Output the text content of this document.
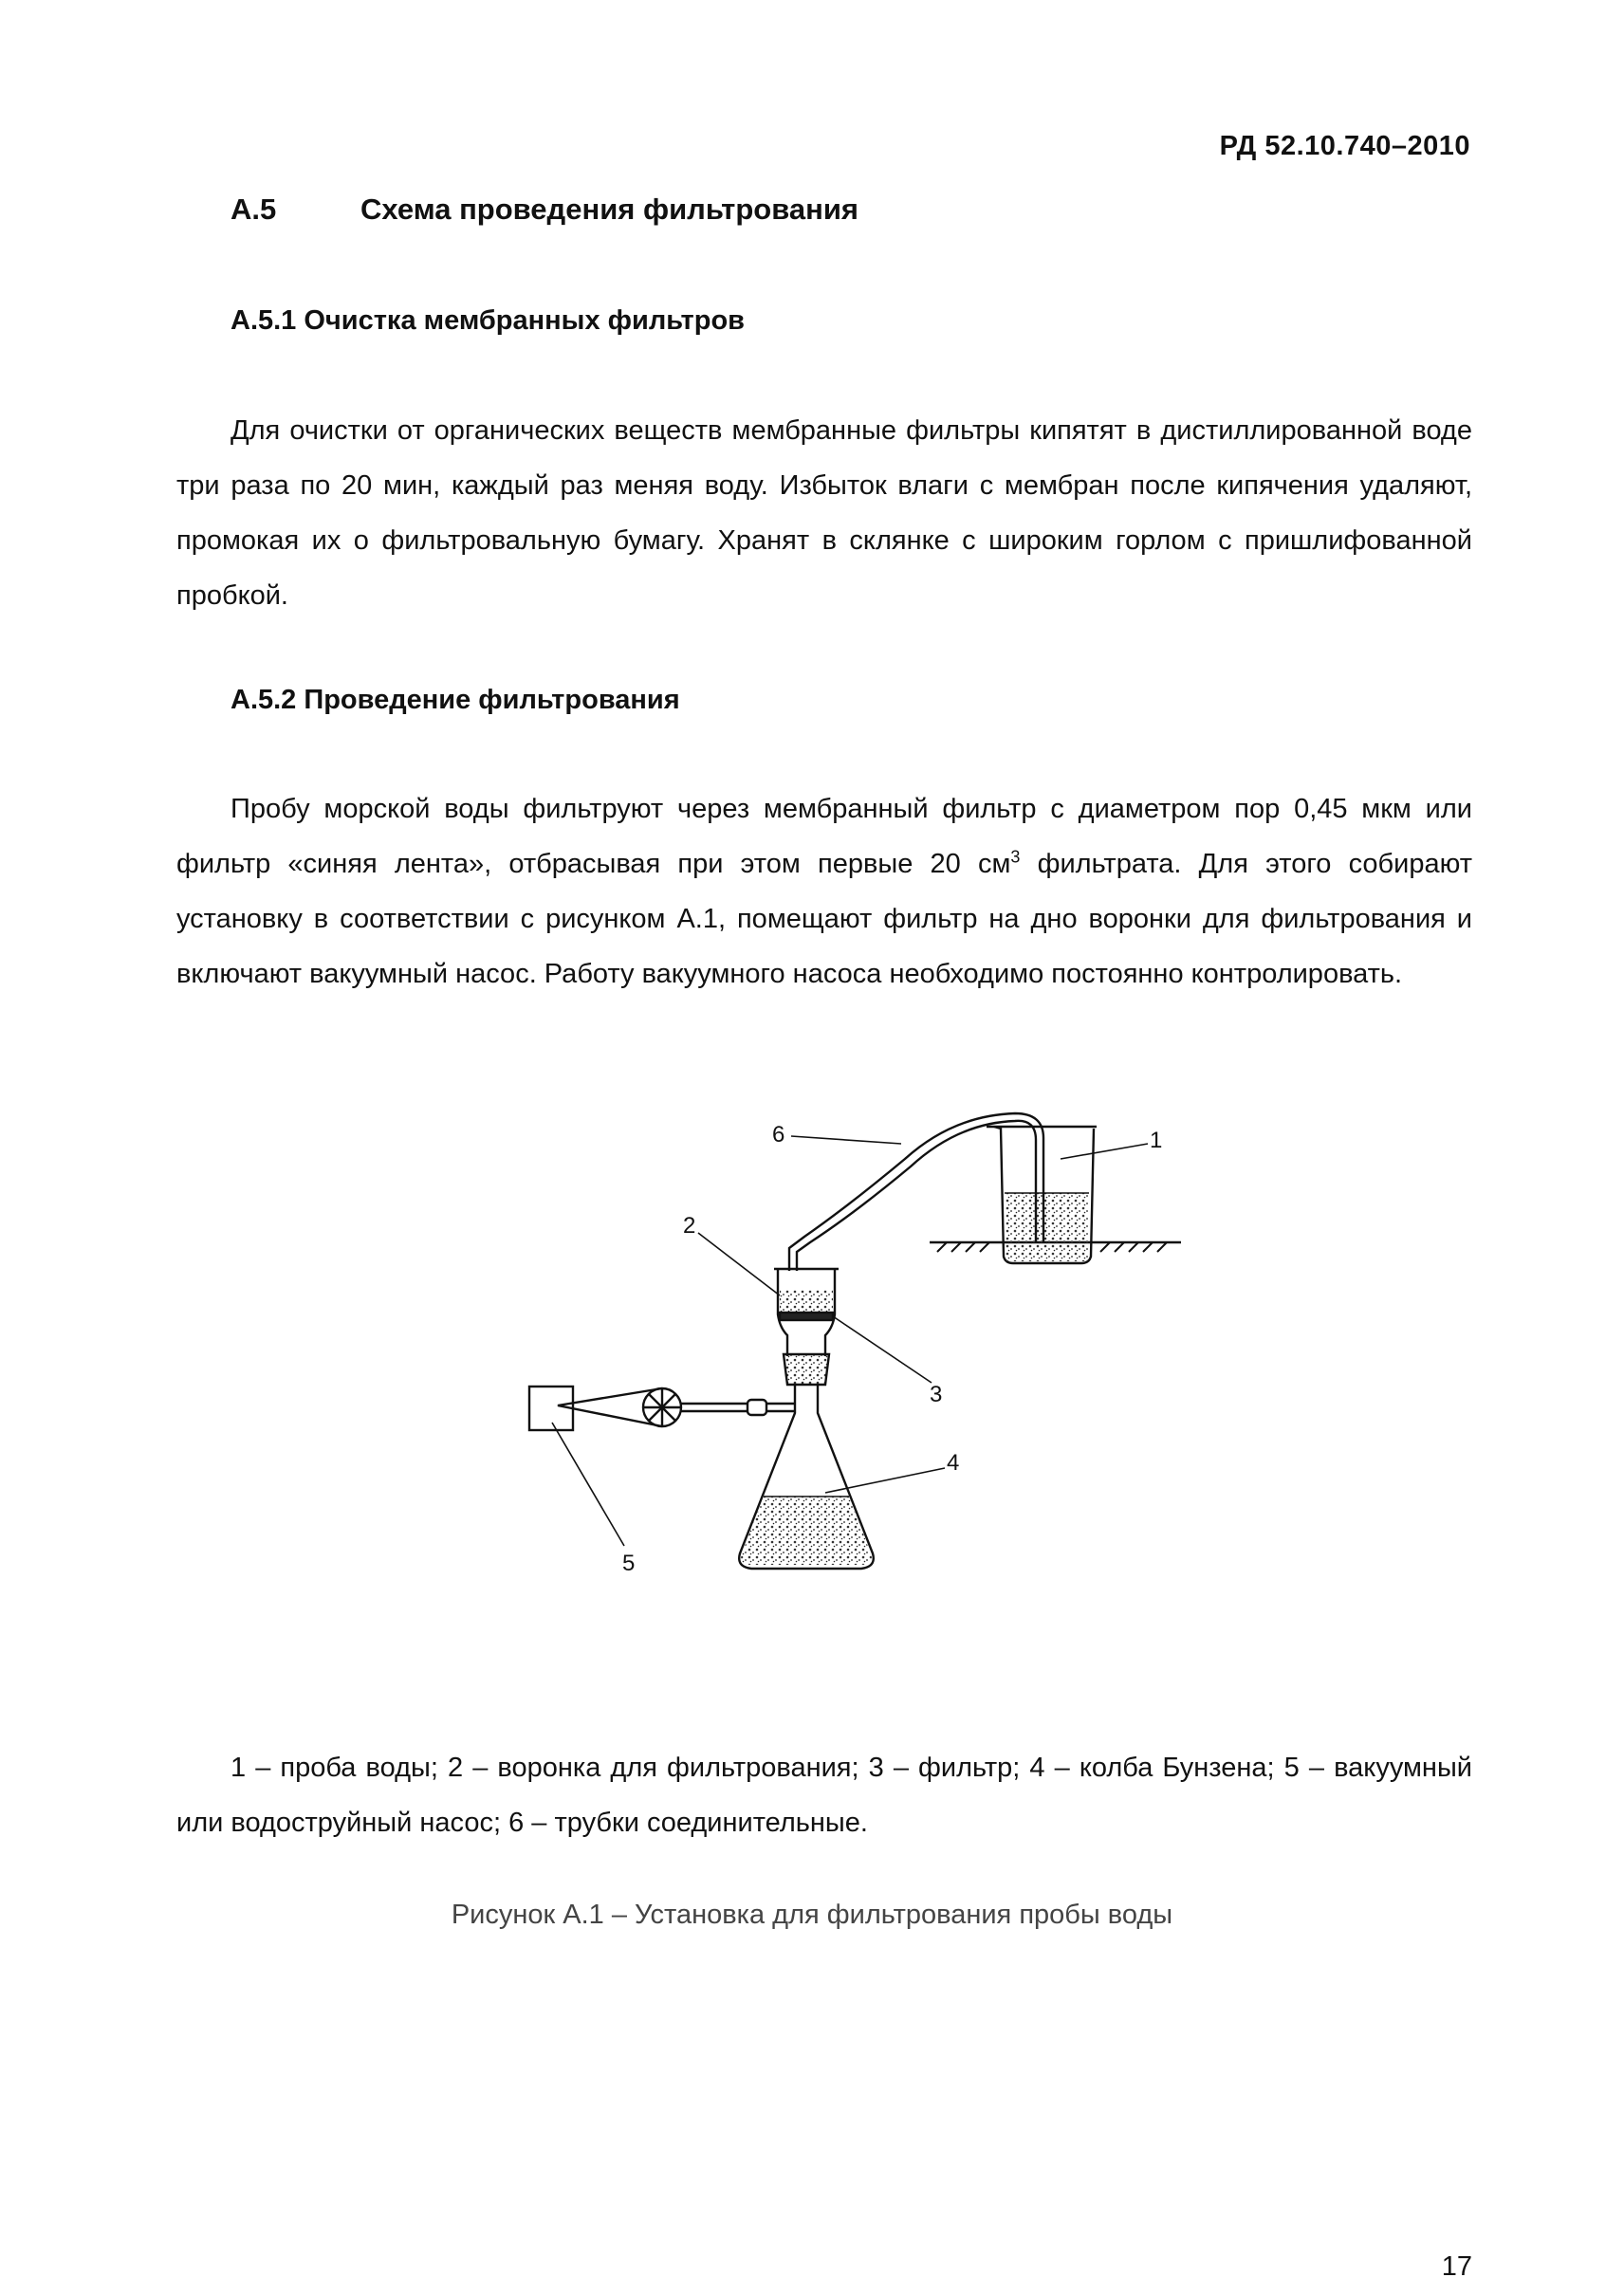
РД 52.10.740–2010
А.5	Схема проведения фильтрования
А.5.1 Очистка мембранных фильтров
Для очистки от органических веществ мембранные фильтры кипятят в дистиллированной воде три раза по 20 мин, каждый раз меняя воду. Избыток влаги с мембран после кипячения удаляют, промокая их о фильтровальную бумагу. Хранят в склянке с широким горлом с пришлифованной пробкой.
А.5.2 Проведение фильтрования
Пробу морской воды фильтруют через мембранный фильтр с диаметром пор 0,45 мкм или фильтр «синяя лента», отбрасывая при этом первые 20 $см^3$ фильтрата. Для этого собирают установку в соответствии с рисунком А.1, помещают фильтр на дно воронки для фильтрования и включают вакуумный насос. Работу вакуумного насоса необходимо постоянно контролировать.
1
2
3
4
5
6
1 – проба воды; 2 – воронка для фильтрования; 3 – фильтр; 4 – колба Бунзена; 5 – вакуумный или водоструйный насос; 6 – трубки соединительные.
Рисунок А.1 – Установка для фильтрования пробы воды
17
